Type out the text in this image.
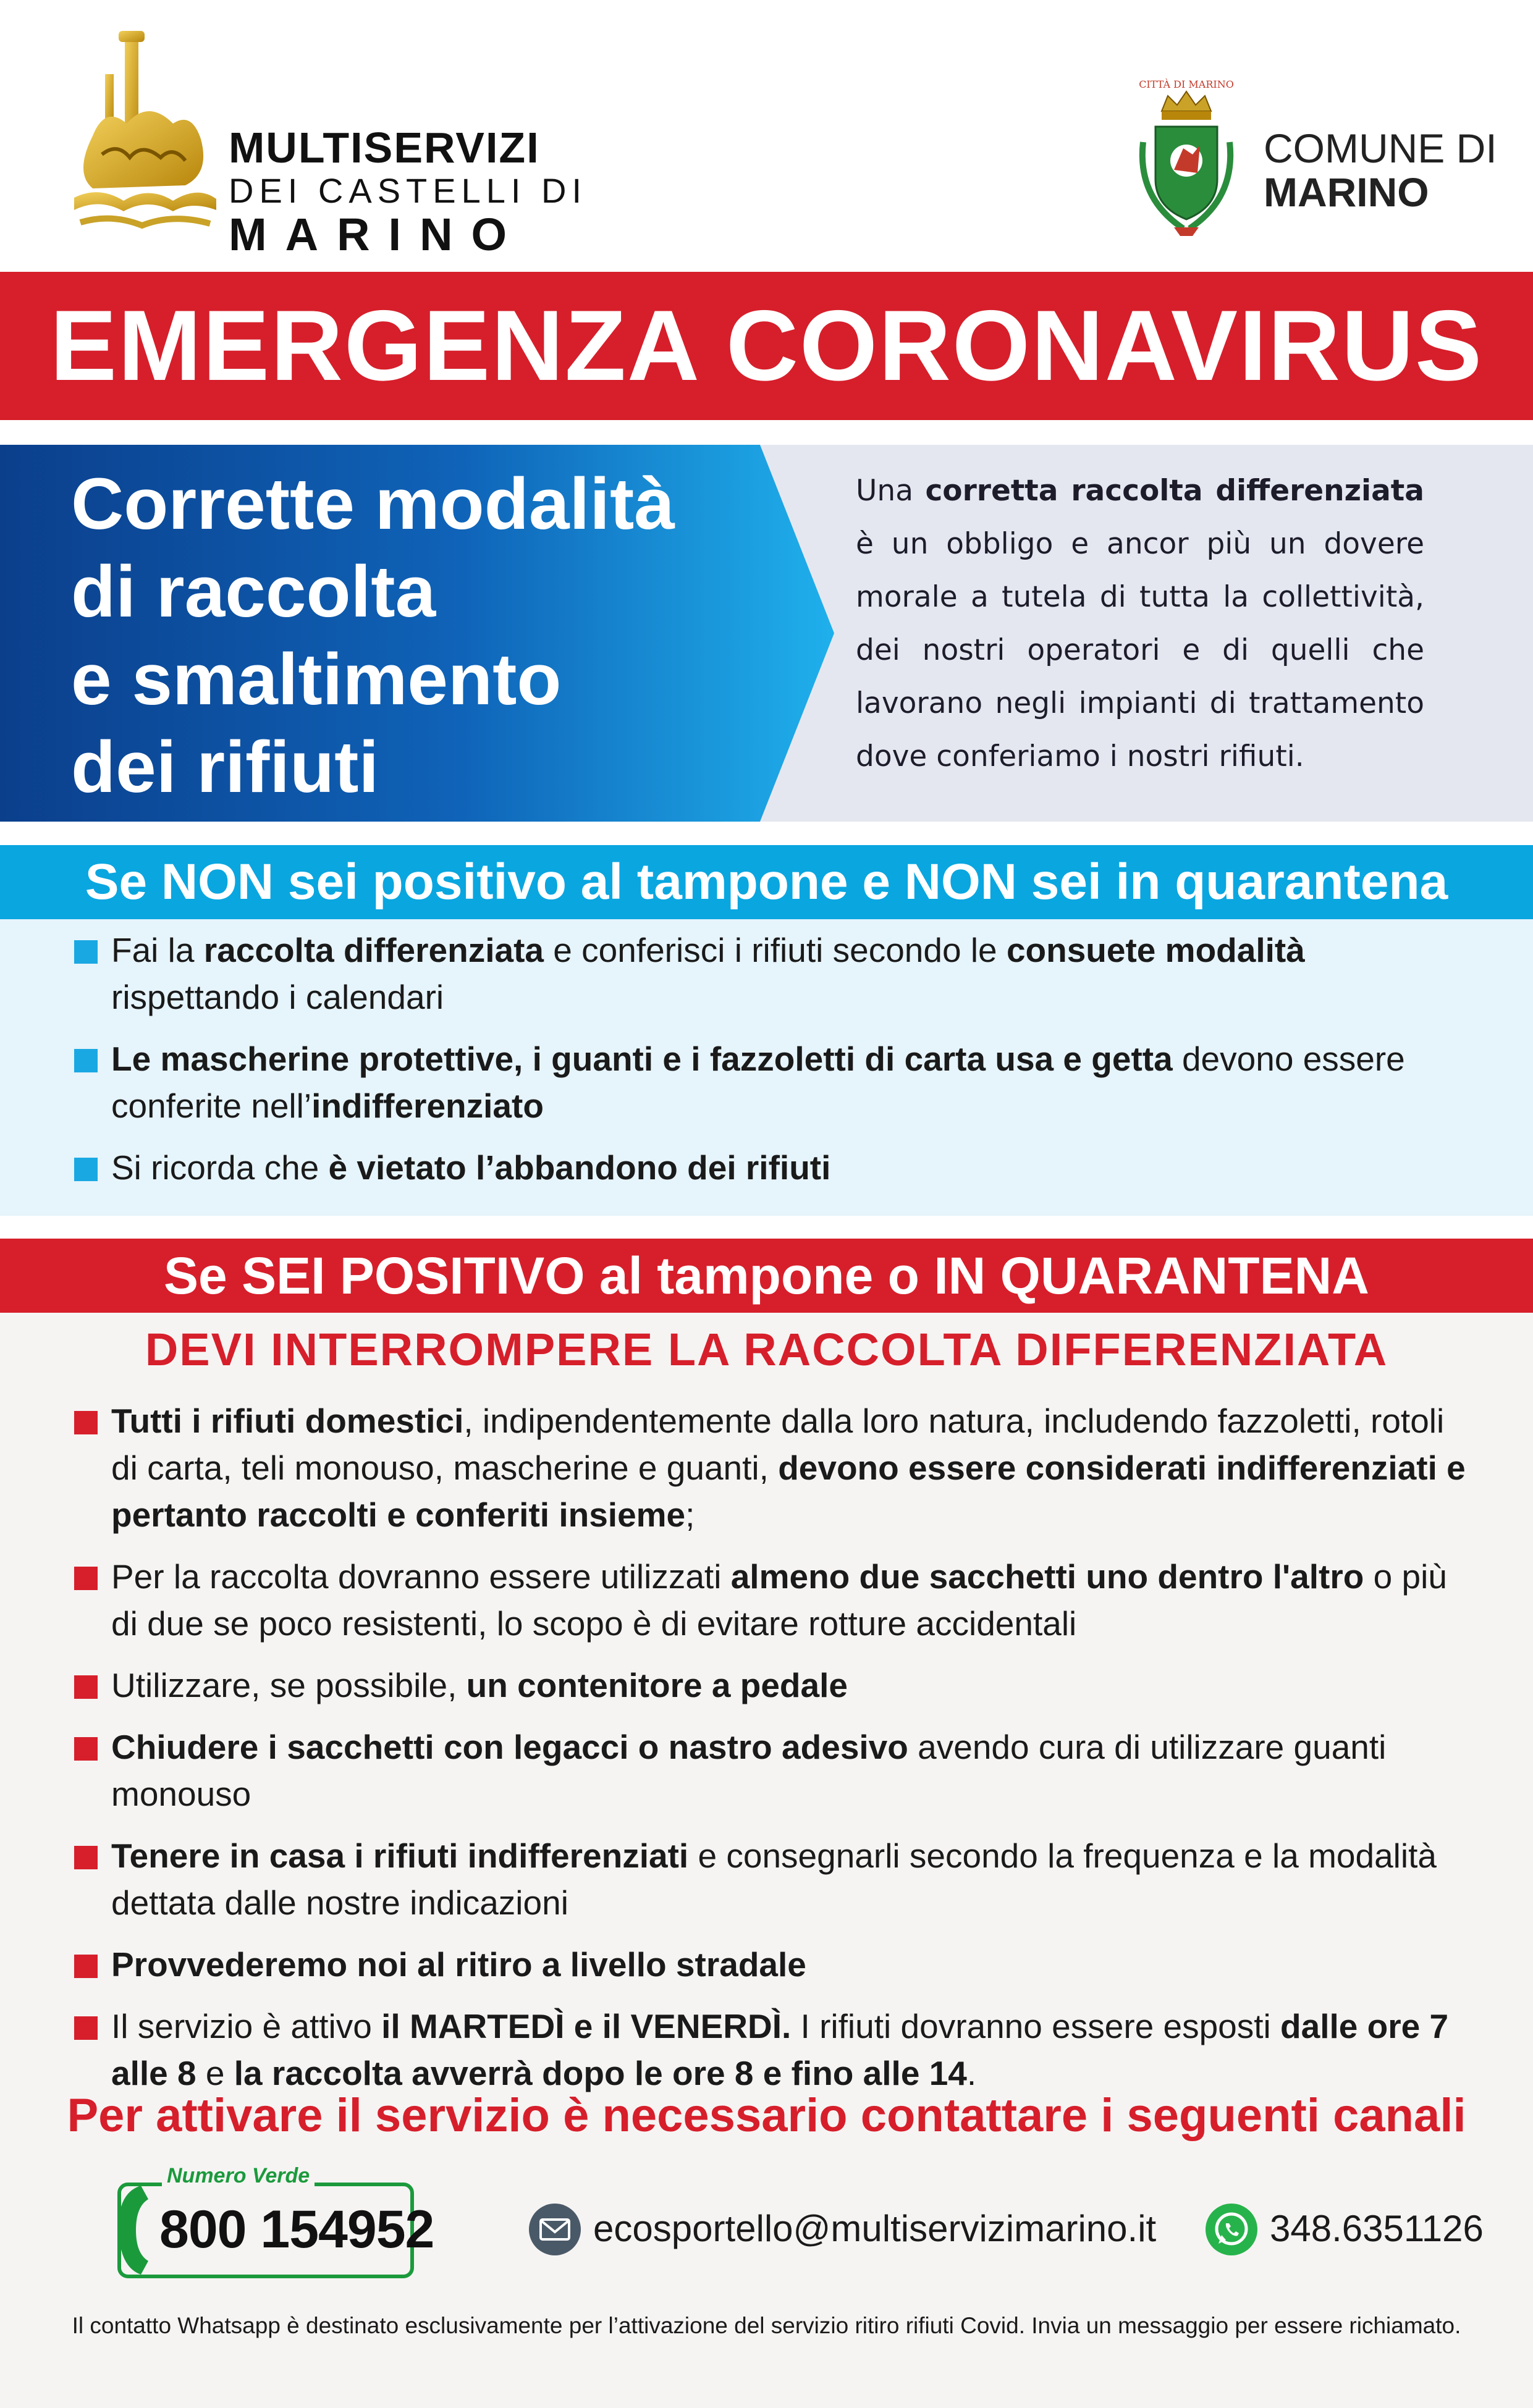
MULTISERVIZI
DEI CASTELLI DI
MARINO
CITTÀ DI MARINO
COMUNE DI
MARINO
EMERGENZA CORONAVIRUS
Corrette modalità
di raccolta
e smaltimento
dei rifiuti
Una corretta raccolta differenziata è un obbligo e ancor più un dovere morale a tutela di tutta la collettività, dei nostri operatori e di quelli che lavorano negli impianti di trattamento dove conferiamo i nostri rifiuti.
Se NON sei positivo al tampone e NON sei in quarantena
Fai la raccolta differenziata e conferisci i rifiuti secondo le consuete modalità rispettando i calendari
Le mascherine protettive, i guanti e i fazzoletti di carta usa e getta devono essere conferite nell’indifferenziato
Si ricorda che è vietato l’abbandono dei rifiuti
Se SEI POSITIVO al tampone o IN QUARANTENA
DEVI INTERROMPERE LA RACCOLTA DIFFERENZIATA
Tutti i rifiuti domestici, indipendentemente dalla loro natura, includendo fazzoletti, rotoli di carta, teli monouso, mascherine e guanti, devono essere considerati indifferenziati e pertanto raccolti e conferiti insieme;
Per la raccolta dovranno essere utilizzati almeno due sacchetti uno dentro l'altro o più di due se poco resistenti, lo scopo è di evitare rotture accidentali
Utilizzare, se possibile, un contenitore a pedale
Chiudere i sacchetti con legacci o nastro adesivo avendo cura di utilizzare guanti monouso
Tenere in casa i rifiuti indifferenziati e consegnarli secondo la frequenza e la modalità dettata dalle nostre indicazioni
Provvederemo noi al ritiro a livello stradale
Il servizio è attivo il MARTEDÌ e il VENERDÌ. I rifiuti dovranno essere esposti dalle ore 7 alle 8 e la raccolta avverrà dopo le ore 8 e fino alle 14.
Per attivare il servizio è necessario contattare i seguenti canali
Numero Verde
800 154952	ecosportello@multiservizimarino.it	348.6351126
Il contatto Whatsapp è destinato esclusivamente per l’attivazione del servizio ritiro rifiuti Covid. Invia un messaggio per essere richiamato.
